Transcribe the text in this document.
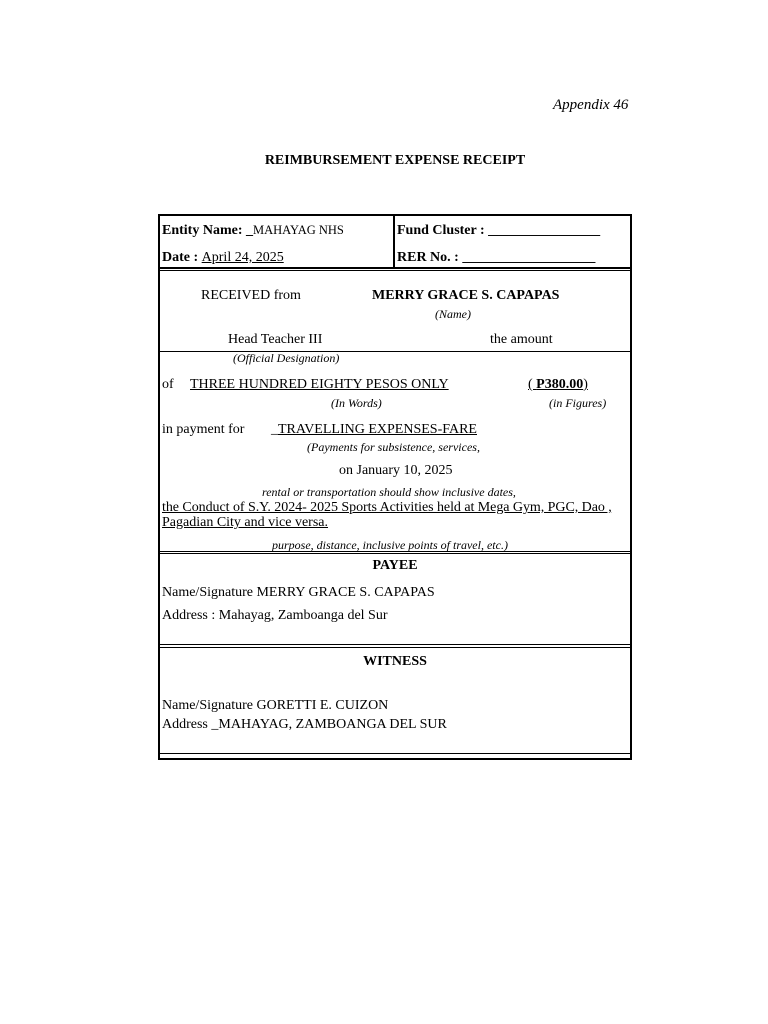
Appendix 46
REIMBURSEMENT EXPENSE RECEIPT
Entity Name: _MAHAYAG NHS	Fund Cluster : ________________
Date : April 24, 2025	RER No. : ___________________
RECEIVED from	MERRY GRACE S. CAPAPAS
(Name)
Head Teacher III	the amount
(Official Designation)
of THREE HUNDRED EIGHTY PESOS ONLY	( P380.00)
(In Words)	(in Figures)
in payment for _TRAVELLING EXPENSES-FARE
(Payments for subsistence, services,
on January 10, 2025
rental or transportation should show inclusive dates,
the Conduct of S.Y. 2024- 2025 Sports Activities held at Mega Gym, PGC, Dao ,
Pagadian City and vice versa.
purpose, distance, inclusive points of travel, etc.)
PAYEE
Name/Signature MERRY GRACE S. CAPAPAS
Address : Mahayag, Zamboanga del Sur
WITNESS
Name/Signature GORETTI E. CUIZON
Address _MAHAYAG, ZAMBOANGA DEL SUR
